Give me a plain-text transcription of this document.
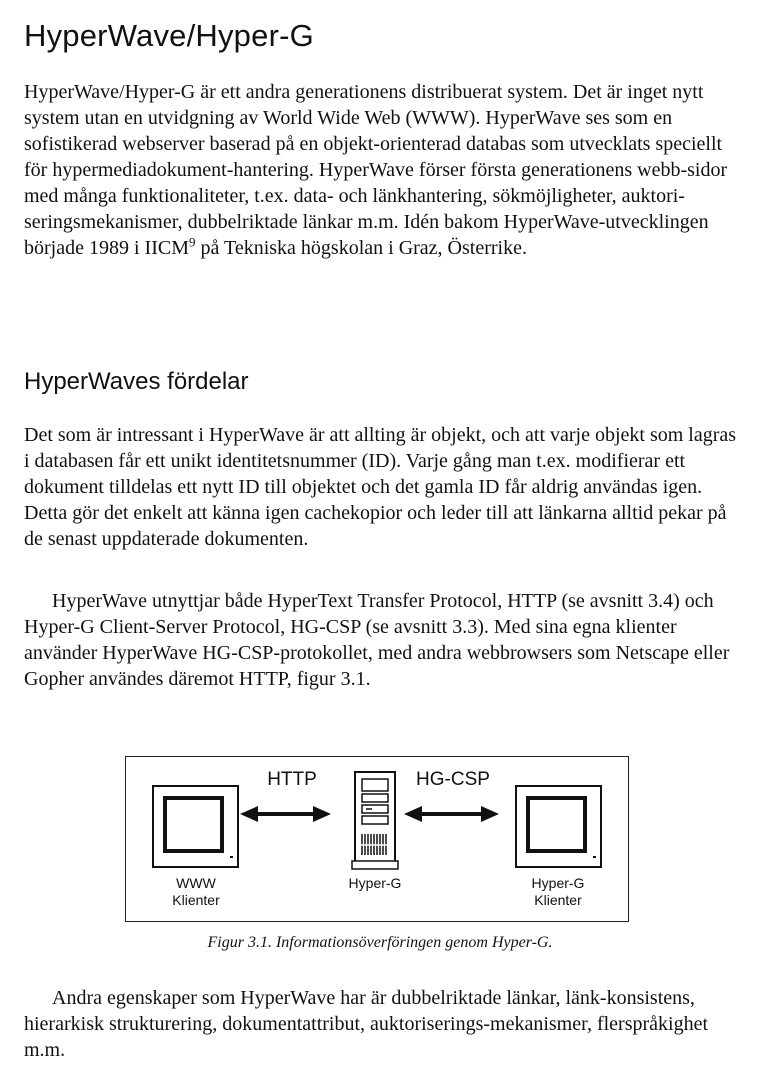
HyperWave/Hyper-G

HyperWave/Hyper-G är ett andra generationens distribuerat system. Det är inget nytt system utan en utvidgning av World Wide Web (WWW). HyperWave ses som en sofistikerad webserver baserad på en objekt-orienterad databas som utvecklats speciellt för hypermediadokument-hantering. HyperWave förser första generationens webb-sidor med många funktionaliteter, t.ex. data- och länkhantering, sökmöjligheter, auktori-seringsmekanismer, dubbelriktade länkar m.m. Idén bakom HyperWave-utvecklingen började 1989 i IICM$^9$ på Tekniska högskolan i Graz, Österrike.

HyperWaves fördelar

Det som är intressant i HyperWave är att allting är objekt, och att varje objekt som lagras i databasen får ett unikt identitetsnummer (ID). Varje gång man t.ex. modifierar ett dokument tilldelas ett nytt ID till objektet och det gamla ID får aldrig användas igen. Detta gör det enkelt att känna igen cachekopior och leder till att länkarna alltid pekar på de senast uppdaterade dokumenten.

HyperWave utnyttjar både HyperText Transfer Protocol, HTTP (se avsnitt 3.4) och Hyper-G Client-Server Protocol, HG-CSP (se avsnitt 3.3). Med sina egna klienter använder HyperWave HG-CSP-protokollet, med andra webbrowsers som Netscape eller Gopher användes däremot HTTP, figur 3.1.

HTTP	HG-CSP
WWW
Klienter
Hyper-G	Hyper-G
Klienter

Figur 3.1. Informationsöverföringen genom Hyper-G.

Andra egenskaper som HyperWave har är dubbelriktade länkar, länk-konsistens, hierarkisk strukturering, dokumentattribut, auktoriserings-mekanismer, flerspråkighet m.m.
